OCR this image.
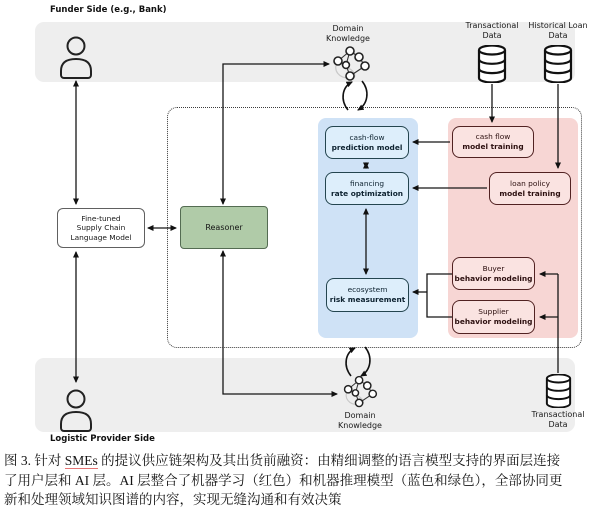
Funder Side (e.g., Bank)
Domain
Knowledge
Transactional
Data
Historical Loan
Data
cash-flow
prediction model
financing
rate optimization
ecosystem
risk measurement
cash flow
model training
loan policy
model training
Buyer
behavior modeling
Supplier
behavior modeling
Fine-tuned
Supply Chain
Language Model
Reasoner
Domain
Knowledge
Transactional
Data
Logistic Provider Side
图 3. 针对 SMEs 的提议供应链架构及其出货前融资：由精细调整的语言模型支持的界面层连接
了用户层和 AI 层。AI 层整合了机器学习（红色）和机器推理模型（蓝色和绿色），全部协同更
新和处理领域知识图谱的内容，实现无缝沟通和有效决策
